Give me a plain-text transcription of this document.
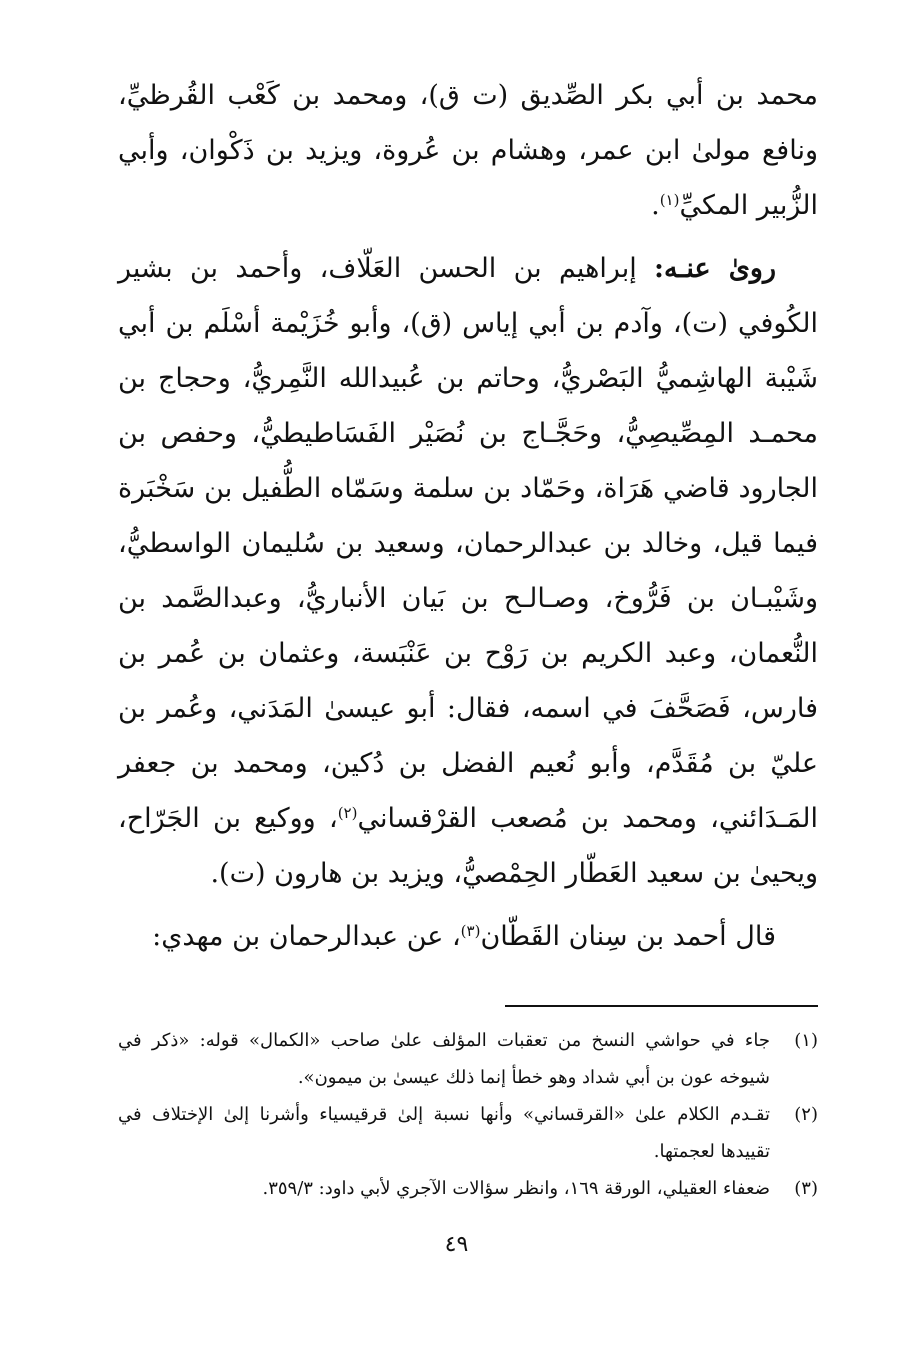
محمد بن أبي بكر الصِّديق (ت ق)، ومحمد بن كَعْب القُرظيِّ، ونافع مولىٰ ابن عمر، وهشام بن عُروة، ويزيد بن ذَكْوان، وأبي الزُّبير المكيِّ$^{(١)}$.

روىٰ عنـه: إبراهيم بن الحسن العَلّاف، وأحمد بن بشير الكُوفي (ت)، وآدم بن أبي إياس (ق)، وأبو خُزَيْمة أسْلَم بن أبي شَيْبة الهاشِميُّ البَصْريُّ، وحاتم بن عُبيدالله النَّمِريُّ، وحجاج بن محمـد المِصِّيصِيُّ، وحَجَّـاج بن نُصَيْر الفَسَاطيطيُّ، وحفص بن الجارود قاضي هَرَاة، وحَمّاد بن سلمة وسَمّاه الطُّفيل بن سَخْبَرة فيما قيل، وخالد بن عبدالرحمان، وسعيد بن سُليمان الواسطيُّ، وشَيْبـان بن فَرُّوخ، وصـالـح بن بَيان الأنباريُّ، وعبدالصَّمد بن النُّعمان، وعبد الكريم بن رَوْح بن عَنْبَسة، وعثمان بن عُمر بن فارس، فَصَحَّفَ في اسمه، فقال: أبو عيسىٰ المَدَني، وعُمر بن عليّ بن مُقَدَّم، وأبو نُعيم الفضل بن دُكين، ومحمد بن جعفر المَـدَائني، ومحمد بن مُصعب القرْقساني$^{(٢)}$، ووكيع بن الجَرّاح، ويحيىٰ بن سعيد العَطّار الحِمْصيُّ، ويزيد بن هارون (ت).

قال أحمد بن سِنان القَطّان$^{(٣)}$، عن عبدالرحمان بن مهدي:

(١)
جاء في حواشي النسخ من تعقبات المؤلف علىٰ صاحب «الكمال» قوله: «ذكر في شيوخه عون بن أبي شداد وهو خطأ إنما ذلك عيسىٰ بن ميمون».
(٢)
تقـدم الكلام علىٰ «القرقساني» وأنها نسبة إلىٰ قرقيسياء وأشرنا إلىٰ الإختلاف في تقييدها لعجمتها.
(٣)
ضعفاء العقيلي، الورقة ١٦٩، وانظر سؤالات الآجري لأبي داود: ٣٥٩/٣.
٤٩
